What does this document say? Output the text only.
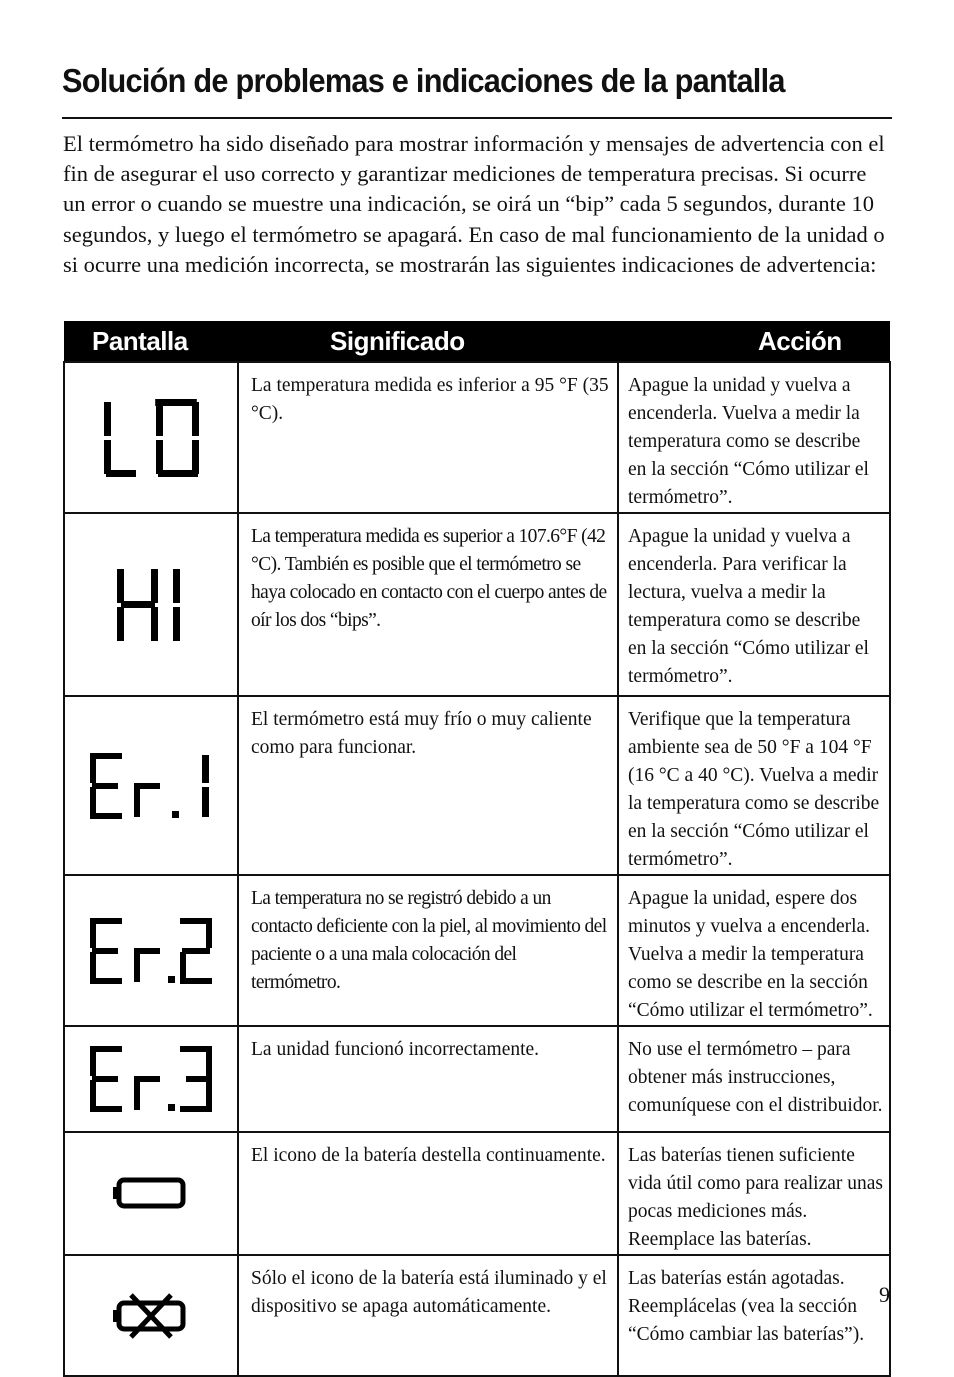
Solución de problemas e indicaciones de la pantalla

El termómetro ha sido diseñado para mostrar información y mensajes de advertencia con el fin de asegurar el uso correcto y garantizar mediciones de temperatura precisas. Si ocurre un error o cuando se muestre una indicación, se oirá un “bip” cada 5 segundos, durante 10 segundos, y luego el termómetro se apagará. En caso de mal funcionamiento de la unidad o si ocurre una medición incorrecta, se mostrarán las siguientes indicaciones de advertencia:

Pantalla	Significado	Acción

	La temperatura medida es inferior a 95 °F (35 °C).	Apague la unidad y vuelva a encenderla. Vuelva a medir la temperatura como se describe en la sección “Cómo utilizar el termómetro”.

	La temperatura medida es superior a 107.6°F (42 °C). También es posible que el termómetro se haya colocado en contacto con el cuerpo antes de oír los dos “bips”.	Apague la unidad y vuelva a encenderla. Para verificar la lectura, vuelva a medir la temperatura como se describe en la sección “Cómo utilizar el termómetro”.

	El termómetro está muy frío o muy caliente como para funcionar.	Verifique que la temperatura ambiente sea de 50 °F a 104 °F (16 °C a 40 °C). Vuelva a medir la temperatura como se describe en la sección “Cómo utilizar el termómetro”.

	La temperatura no se registró debido a un contacto deficiente con la piel, al movimiento del paciente o a una mala colocación del termómetro.	Apague la unidad, espere dos minutos y vuelva a encenderla. Vuelva a medir la temperatura como se describe en la sección “Cómo utilizar el termómetro”.

	La unidad funcionó incorrectamente.	No use el termómetro – para obtener más instrucciones, comuníquese con el distribuidor.

	El icono de la batería destella continuamente.	Las baterías tienen suficiente vida útil como para realizar unas pocas mediciones más. Reemplace las baterías.

	Sólo el icono de la batería está iluminado y el dispositivo se apaga automáticamente.	Las baterías están agotadas. Reemplácelas (vea la sección “Cómo cambiar las baterías”).
9
